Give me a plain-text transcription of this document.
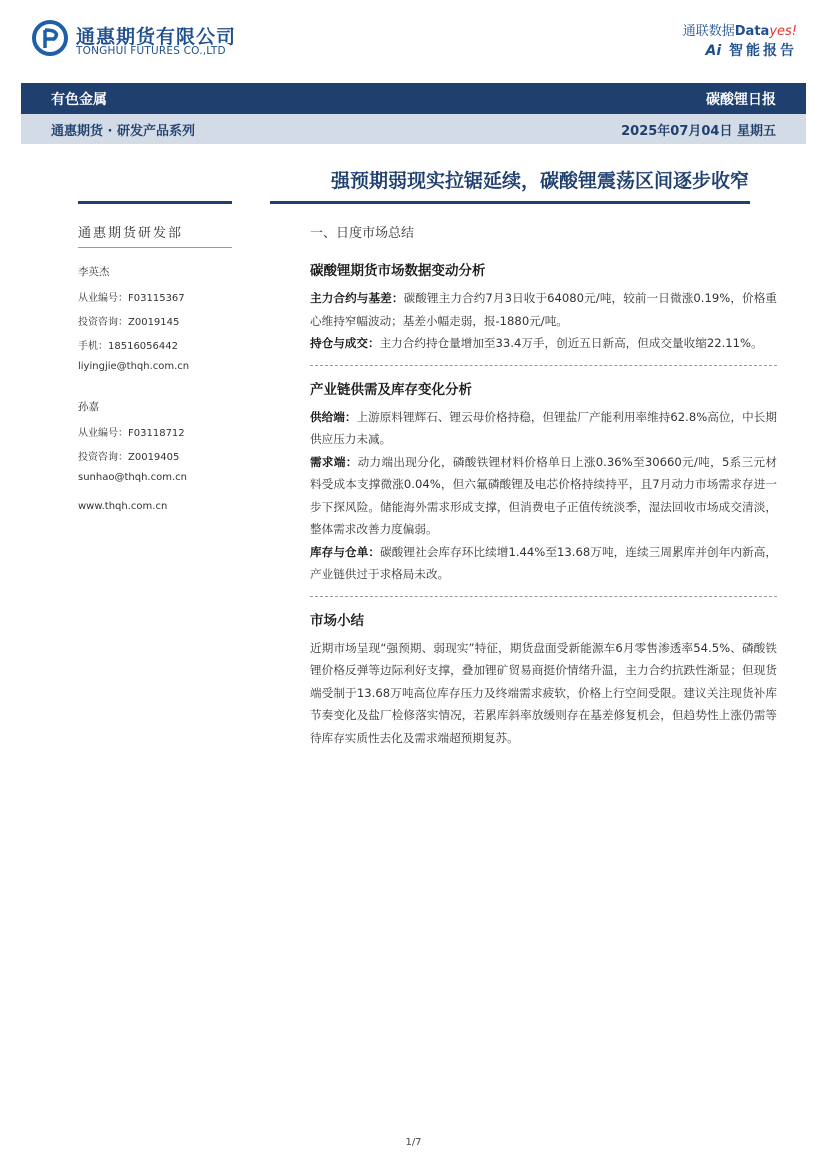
通惠期货有限公司
TONGHUI FUTURES CO.,LTD
通联数据Datayes!
Ai 智能报告
有色金属	碳酸锂日报
通惠期货 · 研发产品系列	2025年07月04日 星期五
强预期弱现实拉锯延续，碳酸锂震荡区间逐步收窄
通惠期货研发部
李英杰
从业编号：F03115367
投资咨询：Z0019145
手机：18516056442
liyingjie@thqh.com.cn
孙嘉
从业编号：F03118712
投资咨询：Z0019405
sunhao@thqh.com.cn
www.thqh.com.cn
一、日度市场总结
碳酸锂期货市场数据变动分析

主力合约与基差：碳酸锂主力合约7月3日收于64080元/吨，较前一日微涨0.19%，价格重心维持窄幅波动；基差小幅走弱，报-1880元/吨。

持仓与成交：主力合约持仓量增加至33.4万手，创近五日新高，但成交量收缩22.11%。

产业链供需及库存变化分析

供给端：上游原料锂辉石、锂云母价格持稳，但锂盐厂产能利用率维持62.8%高位，中长期供应压力未减。

需求端：动力端出现分化，磷酸铁锂材料价格单日上涨0.36%至30660元/吨，5系三元材料受成本支撑微涨0.04%，但六氟磷酸锂及电芯价格持续持平，且7月动力市场需求存进一步下探风险。储能海外需求形成支撑，但消费电子正值传统淡季，湿法回收市场成交清淡，整体需求改善力度偏弱。

库存与仓单：碳酸锂社会库存环比续增1.44%至13.68万吨，连续三周累库并创年内新高，产业链供过于求格局未改。

市场小结

近期市场呈现“强预期、弱现实”特征，期货盘面受新能源车6月零售渗透率54.5%、磷酸铁锂价格反弹等边际利好支撑，叠加锂矿贸易商挺价情绪升温，主力合约抗跌性渐显；但现货端受制于13.68万吨高位库存压力及终端需求疲软，价格上行空间受限。建议关注现货补库节奏变化及盐厂检修落实情况，若累库斜率放缓则存在基差修复机会，但趋势性上涨仍需等待库存实质性去化及需求端超预期复苏。

1/7
